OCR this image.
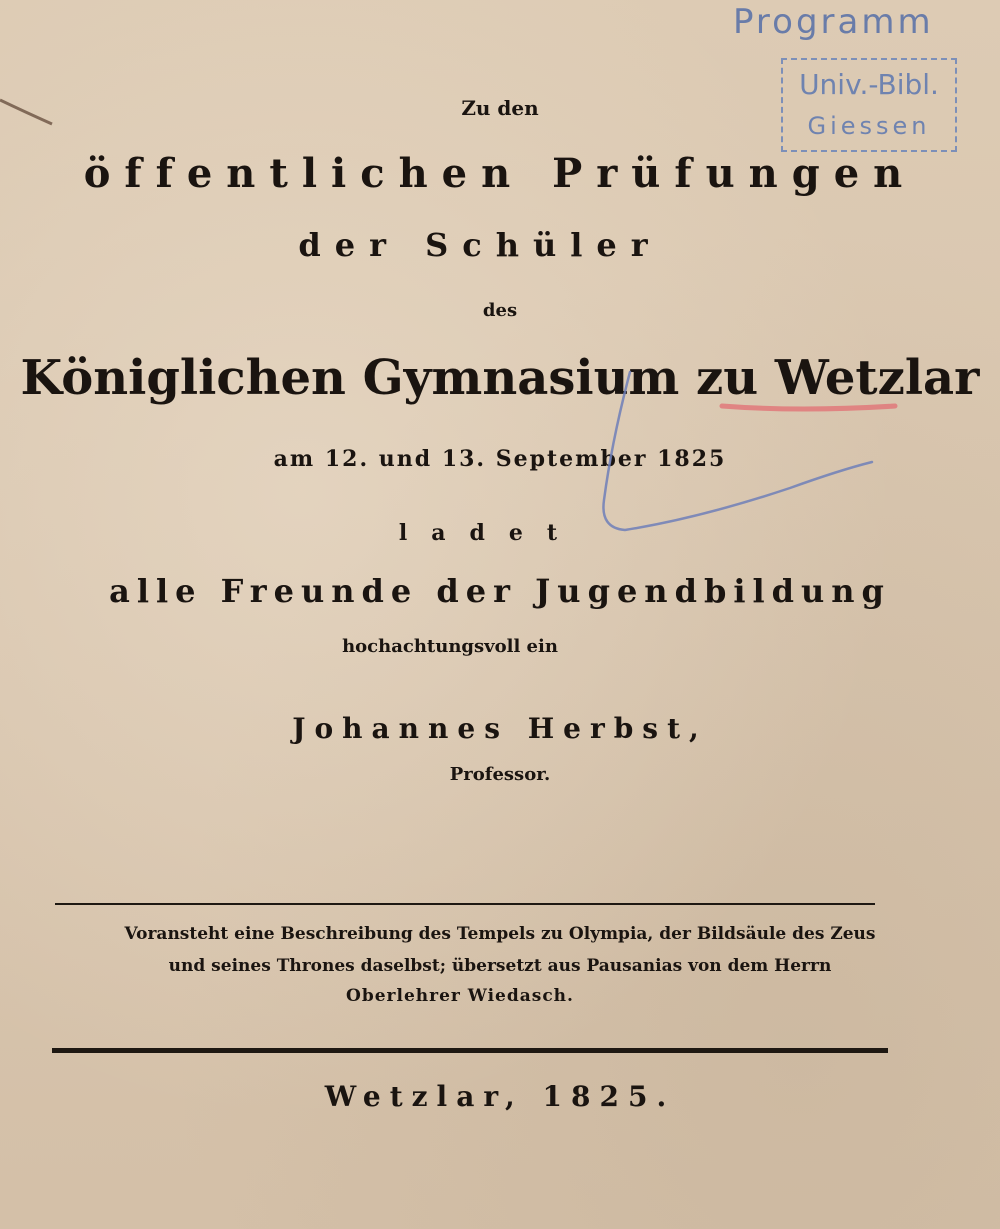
Programm
Univ.-Bibl.
Giessen
Zu den
öffentlichen Prüfungen
der Schüler
des
Königlichen Gymnasium zu Wetzlar
am 12. und 13. September 1825
ladet
alle Freunde der Jugendbildung
hochachtungsvoll ein
Johannes Herbst,
Professor.
Voransteht eine Beschreibung des Tempels zu Olympia, der Bildsäule des Zeus
und seines Thrones daselbst; übersetzt aus Pausanias von dem Herrn
Oberlehrer Wiedasch.
Wetzlar, 1825.
